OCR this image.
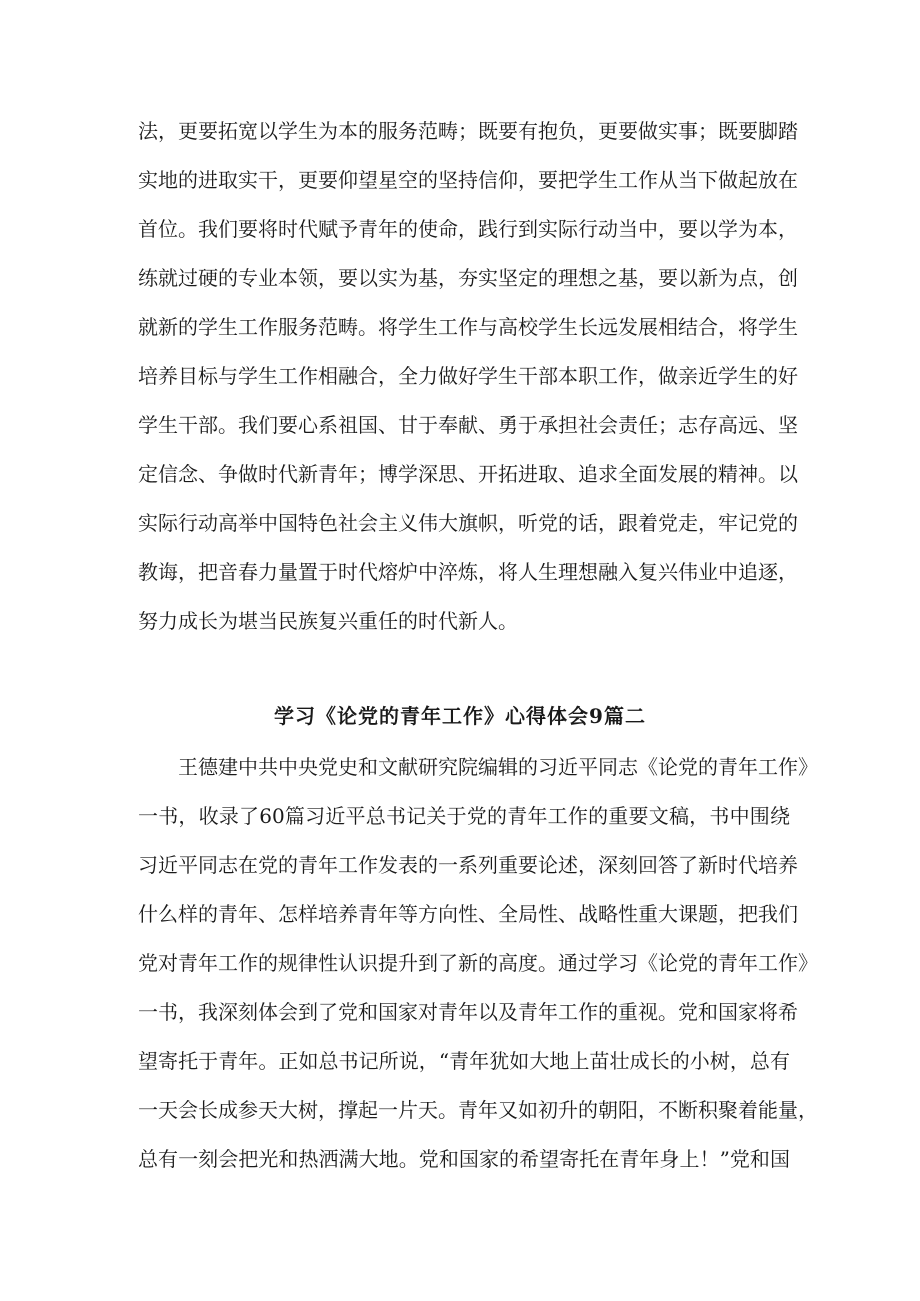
法，更要拓宽以学生为本的服务范畴；既要有抱负，更要做实事；既要脚踏
实地的进取实干，更要仰望星空的坚持信仰，要把学生工作从当下做起放在
首位。我们要将时代赋予青年的使命，践行到实际行动当中，要以学为本，
练就过硬的专业本领，要以实为基，夯实坚定的理想之基，要以新为点，创
就新的学生工作服务范畴。将学生工作与高校学生长远发展相结合，将学生
培养目标与学生工作相融合，全力做好学生干部本职工作，做亲近学生的好
学生干部。我们要心系祖国、甘于奉献、勇于承担社会责任；志存高远、坚
定信念、争做时代新青年；博学深思、开拓进取、追求全面发展的精神。以
实际行动高举中国特色社会主义伟大旗帜，听党的话，跟着党走，牢记党的
教诲，把音春力量置于时代熔炉中淬炼，将人生理想融入复兴伟业中追逐，
努力成长为堪当民族复兴重任的时代新人。
学习《论党的青年工作》心得体会9篇二
王德建中共中央党史和文献研究院编辑的习近平同志《论党的青年工作》
一书，收录了60篇习近平总书记关于党的青年工作的重要文稿，书中围绕
习近平同志在党的青年工作发表的一系列重要论述，深刻回答了新时代培养
什么样的青年、怎样培养青年等方向性、全局性、战略性重大课题，把我们
党对青年工作的规律性认识提升到了新的高度。通过学习《论党的青年工作》
一书，我深刻体会到了党和国家对青年以及青年工作的重视。党和国家将希
望寄托于青年。正如总书记所说，“青年犹如大地上苗壮成长的小树，总有
一天会长成参天大树，撑起一片天。青年又如初升的朝阳，不断积聚着能量，
总有一刻会把光和热洒满大地。党和国家的希望寄托在青年身上！”党和国
